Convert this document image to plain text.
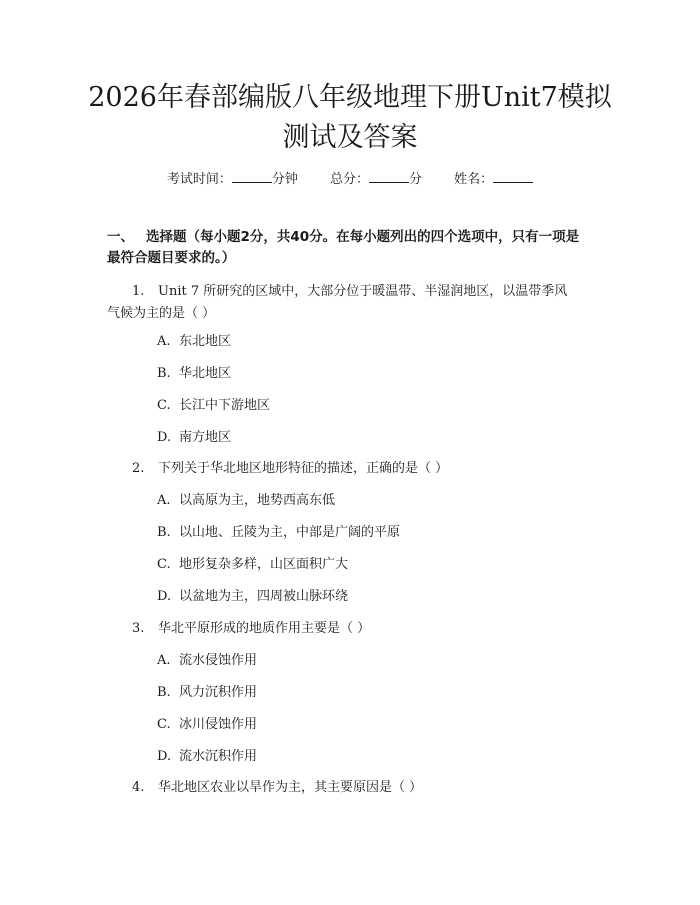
2026年春部编版八年级地理下册Unit7模拟
测试及答案
考试时间：	分钟 总分：	分 姓名：
一、 选择题（每小题2分，共40分。在每小题列出的四个选项中，只有一项是
最符合题目要求的。）
1. Unit 7 所研究的区域中，大部分位于暖温带、半湿润地区，以温带季风
气候为主的是（ ）
A. 东北地区
B. 华北地区
C. 长江中下游地区
D. 南方地区
2. 下列关于华北地区地形特征的描述，正确的是（ ）
A. 以高原为主，地势西高东低
B. 以山地、丘陵为主，中部是广阔的平原
C. 地形复杂多样，山区面积广大
D. 以盆地为主，四周被山脉环绕
3. 华北平原形成的地质作用主要是（ ）
A. 流水侵蚀作用
B. 风力沉积作用
C. 冰川侵蚀作用
D. 流水沉积作用
4. 华北地区农业以旱作为主，其主要原因是（ ）
